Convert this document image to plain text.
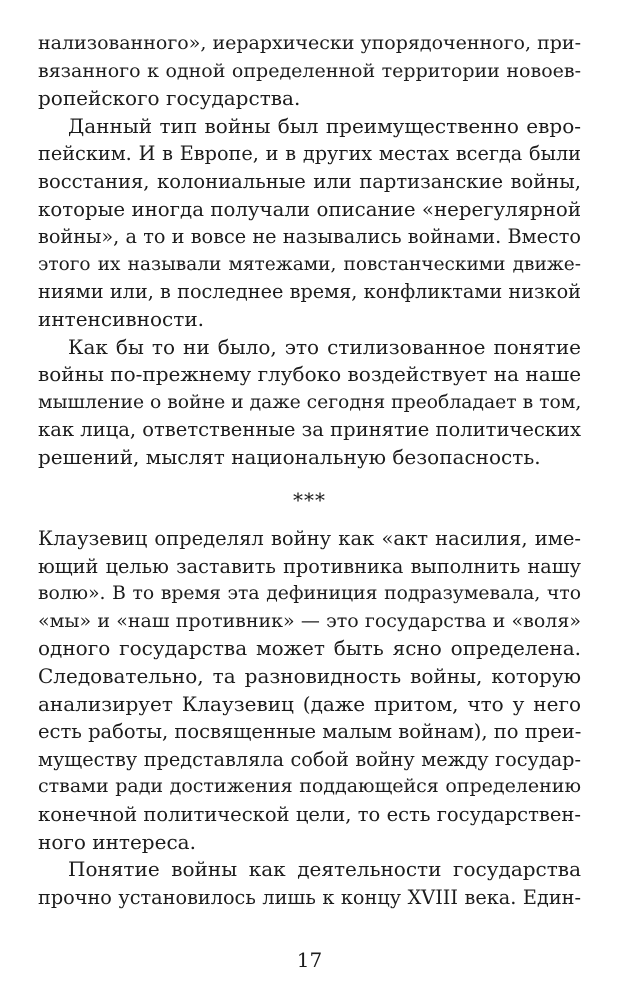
нализованного», иерархически упорядоченного, при-
вязанного к одной определенной территории новоев-
ропейского государства.

Данный тип войны был преимущественно евро-
пейским. И в Европе, и в других местах всегда были
восстания, колониальные или партизанские войны,
которые иногда получали описание «нерегулярной
войны», а то и вовсе не назывались войнами. Вместо
этого их называли мятежами, повстанческими движе-
ниями или, в последнее время, конфликтами низкой
интенсивности.

Как бы то ни было, это стилизованное понятие
войны по-прежнему глубоко воздействует на наше
мышление о войне и даже сегодня преобладает в том,
как лица, ответственные за принятие политических
решений, мыслят национальную безопасность.

***

Клаузевиц определял войну как «акт насилия, име-
ющий целью заставить противника выполнить нашу
волю». В то время эта дефиниция подразумевала, что
«мы» и «наш противник» — это государства и «воля»
одного государства может быть ясно определена.
Следовательно, та разновидность войны, которую
анализирует Клаузевиц (даже притом, что у него
есть работы, посвященные малым войнам), по преи-
муществу представляла собой войну между государ-
ствами ради достижения поддающейся определению
конечной политической цели, то есть государствен-
ного интереса.

Понятие войны как деятельности государства
прочно установилось лишь к концу XVIII века. Един-

17
